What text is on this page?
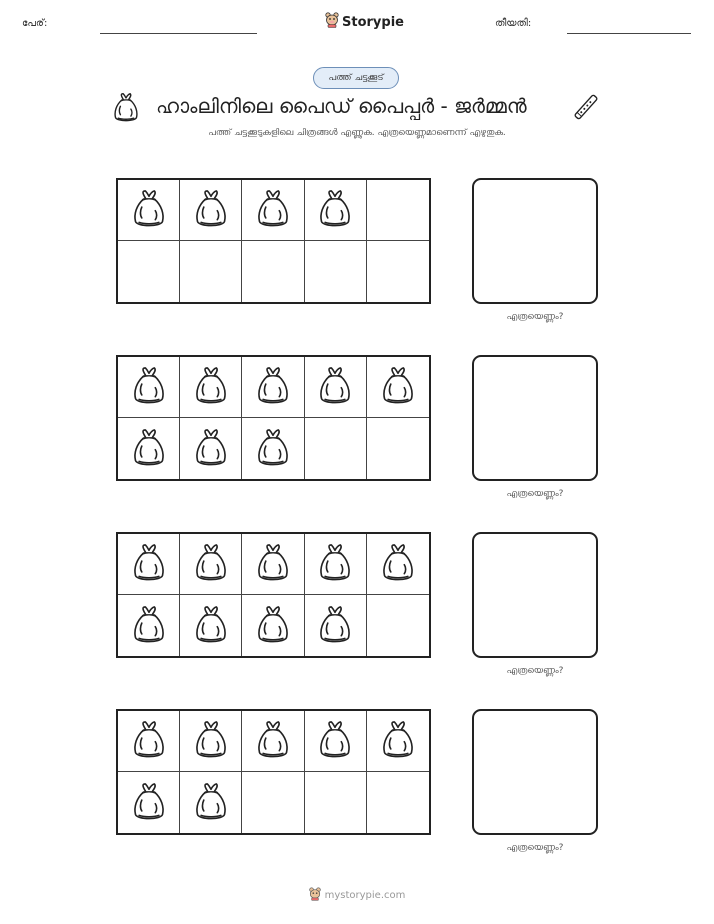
പേര്:	Storypie	തീയതി:
പത്ത് ചട്ടക്കൂട്
ഹാംലിനിലെ പൈഡ് പൈപ്പർ - ജർമ്മൻ
പത്ത് ചട്ടക്കൂടുകളിലെ ചിത്രങ്ങൾ എണ്ണുക. എത്രയെണ്ണമാണെന്ന് എഴുതുക.
എത്രയെണ്ണം?
എത്രയെണ്ണം?
എത്രയെണ്ണം?
എത്രയെണ്ണം?
mystorypie.com
